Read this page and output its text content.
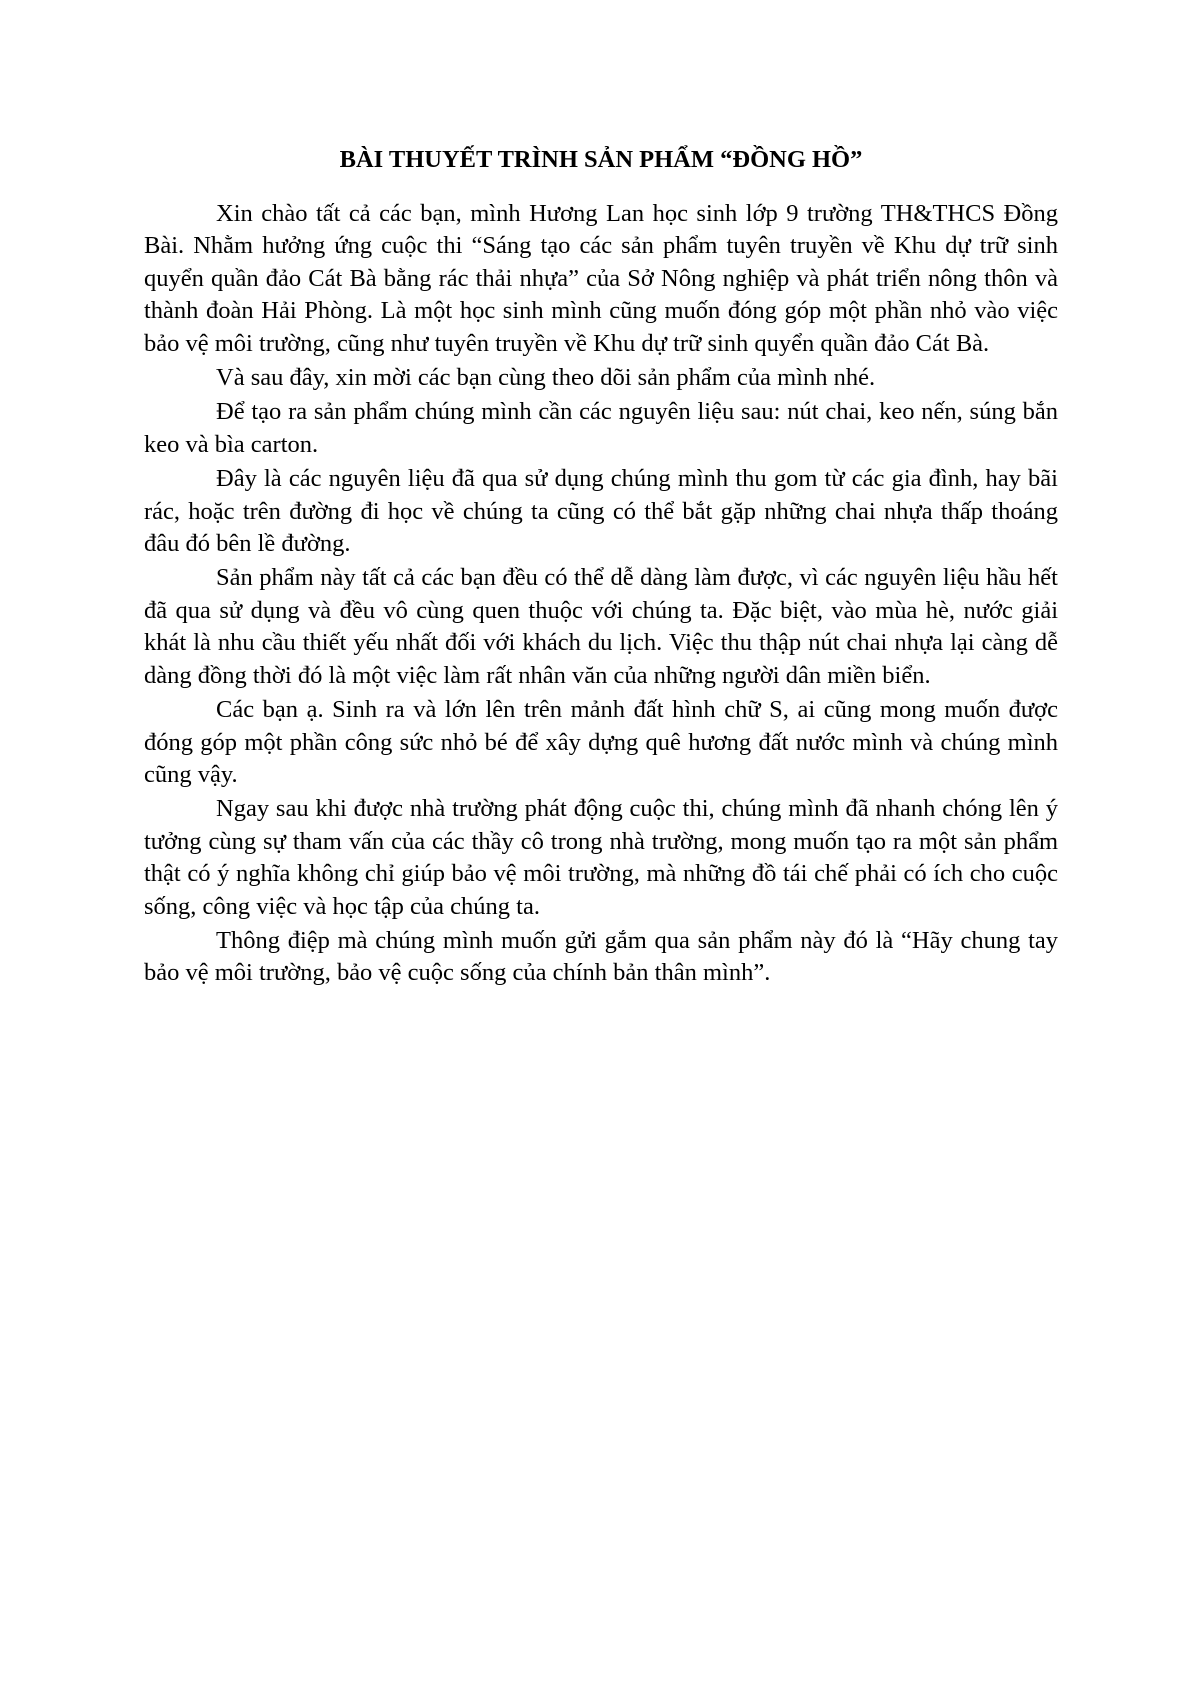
BÀI THUYẾT TRÌNH SẢN PHẨM “ĐỒNG HỒ”

Xin chào tất cả các bạn, mình Hương Lan học sinh lớp 9 trường TH&THCS Đồng Bài. Nhằm hưởng ứng cuộc thi “Sáng tạo các sản phẩm tuyên truyền về Khu dự trữ sinh quyển quần đảo Cát Bà bằng rác thải nhựa” của Sở Nông nghiệp và phát triển nông thôn và thành đoàn Hải Phòng. Là một học sinh mình cũng muốn đóng góp một phần nhỏ vào việc bảo vệ môi trường, cũng như tuyên truyền về Khu dự trữ sinh quyển quần đảo Cát Bà.

Và sau đây, xin mời các bạn cùng theo dõi sản phẩm của mình nhé.

Để tạo ra sản phẩm chúng mình cần các nguyên liệu sau: nút chai, keo nến, súng bắn keo và bìa carton.

Đây là các nguyên liệu đã qua sử dụng chúng mình thu gom từ các gia đình, hay bãi rác, hoặc trên đường đi học về chúng ta cũng có thể bắt gặp những chai nhựa thấp thoáng đâu đó bên lề đường.

Sản phẩm này tất cả các bạn đều có thể dễ dàng làm được, vì các nguyên liệu hầu hết đã qua sử dụng và đều vô cùng quen thuộc với chúng ta. Đặc biệt, vào mùa hè, nước giải khát là nhu cầu thiết yếu nhất đối với khách du lịch. Việc thu thập nút chai nhựa lại càng dễ dàng đồng thời đó là một việc làm rất nhân văn của những người dân miền biển.

Các bạn ạ. Sinh ra và lớn lên trên mảnh đất hình chữ S, ai cũng mong muốn được đóng góp một phần công sức nhỏ bé để xây dựng quê hương đất nước mình và chúng mình cũng vậy.

Ngay sau khi được nhà trường phát động cuộc thi, chúng mình đã nhanh chóng lên ý tưởng cùng sự tham vấn của các thầy cô trong nhà trường, mong muốn tạo ra một sản phẩm thật có ý nghĩa không chỉ giúp bảo vệ môi trường, mà những đồ tái chế phải có ích cho cuộc sống, công việc và học tập của chúng ta.

Thông điệp mà chúng mình muốn gửi gắm qua sản phẩm này đó là “Hãy chung tay bảo vệ môi trường, bảo vệ cuộc sống của chính bản thân mình”.
